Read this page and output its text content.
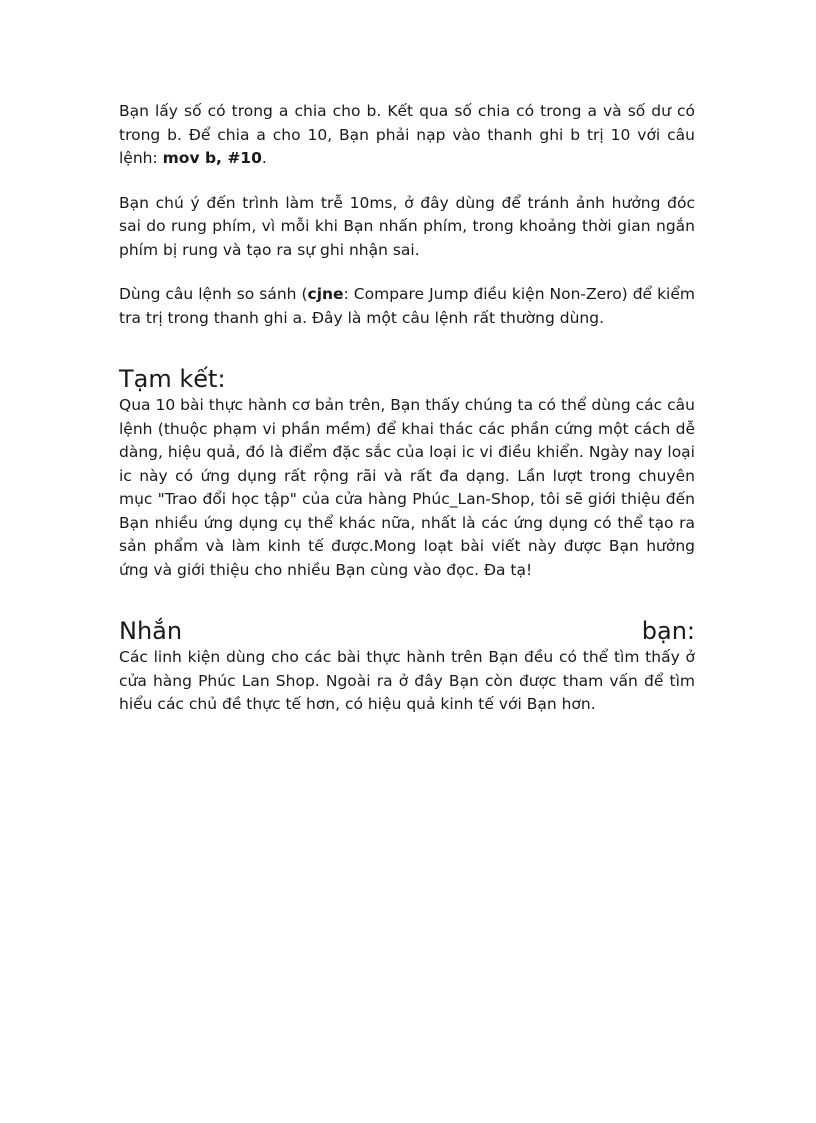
Bạn lấy số có trong a chia cho b. Kết qua số chia có trong a và số dư có trong b. Để chia a cho 10, Bạn phải nạp vào thanh ghi b trị 10 với câu lệnh: mov b, #10.

Bạn chú ý đến trình làm trễ 10ms, ở đây dùng để tránh ảnh hưởng đóc sai do rung phím, vì mỗi khi Bạn nhấn phím, trong khoảng thời gian ngắn phím bị rung và tạo ra sự ghi nhận sai.

Dùng câu lệnh so sánh (cjne: Compare Jump điều kiện Non-Zero) để kiểm tra trị trong thanh ghi a. Đây là một câu lệnh rất thường dùng.

Tạm kết:

Qua 10 bài thực hành cơ bản trên, Bạn thấy chúng ta có thể dùng các câu lệnh (thuộc phạm vi phần mềm) để khai thác các phần cứng một cách dễ dàng, hiệu quả, đó là điểm đặc sắc của loại ic vi điều khiển. Ngày nay loại ic này có ứng dụng rất rộng rãi và rất đa dạng. Lần lượt trong chuyên mục "Trao đổi học tập" của cửa hàng Phúc_Lan-Shop, tôi sẽ giới thiệu đến Bạn nhiều ứng dụng cụ thể khác nữa, nhất là các ứng dụng có thể tạo ra sản phẩm và làm kinh tế được.Mong loạt bài viết này được Bạn hưởng ứng và giới thiệu cho nhiều Bạn cùng vào đọc. Đa tạ!

Nhắn	bạn:

Các linh kiện dùng cho các bài thực hành trên Bạn đều có thể tìm thấy ở cửa hàng Phúc Lan Shop. Ngoài ra ở đây Bạn còn được tham vấn để tìm hiểu các chủ đề thực tế hơn, có hiệu quả kinh tế với Bạn hơn.
